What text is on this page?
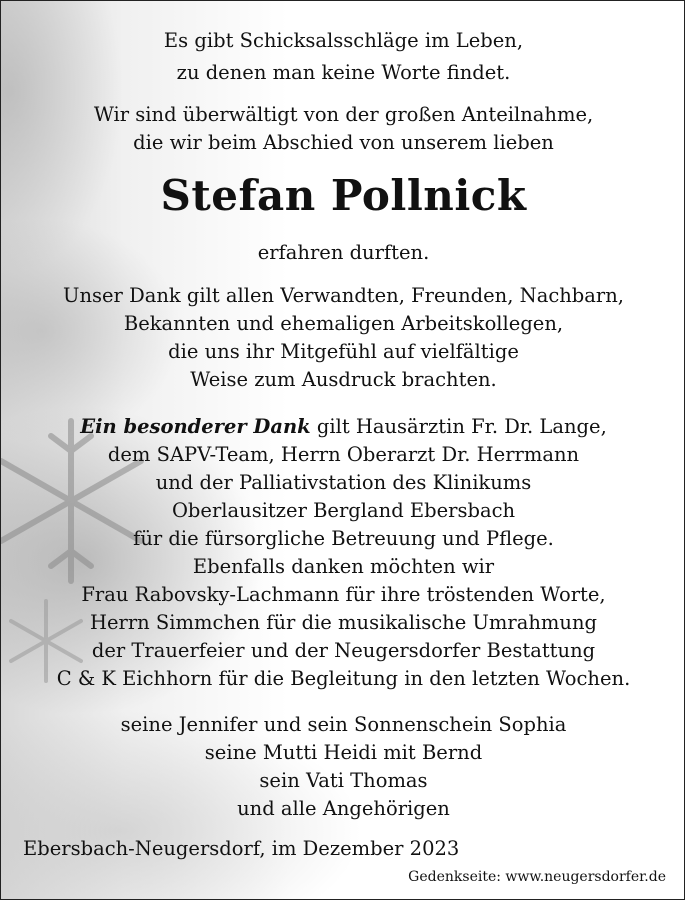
Es gibt Schicksalsschläge im Leben,
zu denen man keine Worte findet.
Wir sind überwältigt von der großen Anteilnahme,
die wir beim Abschied von unserem lieben
Stefan Pollnick
erfahren durften.
Unser Dank gilt allen Verwandten, Freunden, Nachbarn,
Bekannten und ehemaligen Arbeitskollegen,
die uns ihr Mitgefühl auf vielfältige
Weise zum Ausdruck brachten.
Ein besonderer Dank gilt Hausärztin Fr. Dr. Lange,
dem SAPV-Team, Herrn Oberarzt Dr. Herrmann
und der Palliativstation des Klinikums
Oberlausitzer Bergland Ebersbach
für die fürsorgliche Betreuung und Pflege.
Ebenfalls danken möchten wir
Frau Rabovsky-Lachmann für ihre tröstenden Worte,
Herrn Simmchen für die musikalische Umrahmung
der Trauerfeier und der Neugersdorfer Bestattung
C & K Eichhorn für die Begleitung in den letzten Wochen.
seine Jennifer und sein Sonnenschein Sophia
seine Mutti Heidi mit Bernd
sein Vati Thomas
und alle Angehörigen
Ebersbach-Neugersdorf, im Dezember 2023
Gedenkseite: www.neugersdorfer.de
